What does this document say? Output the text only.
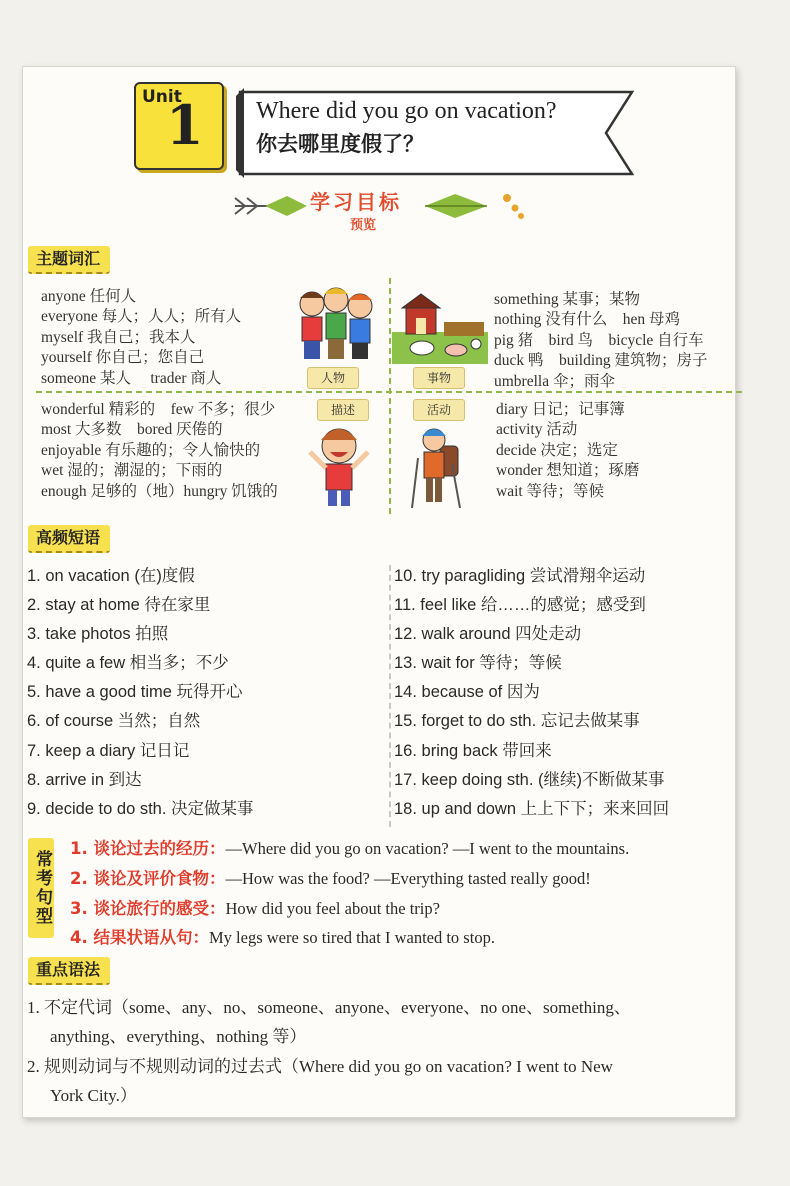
Unit
1 Where did you go on vacation?
你去哪里度假了？
学习目标
预览
主题词汇
anyone 任何人
everyone 每人；人人；所有人
myself 我自己；我本人
yourself 你自己；您自己
someone 某人　 trader 商人
something 某事；某物
nothing 没有什么　hen 母鸡
pig 猪　bird 鸟　bicycle 自行车
duck 鸭　building 建筑物；房子
umbrella 伞；雨伞
wonderful 精彩的　few 不多；很少
most 大多数　bored 厌倦的
enjoyable 有乐趣的；令人愉快的
wet 湿的；潮湿的；下雨的
enough 足够的（地）hungry 饥饿的
diary 日记；记事簿
activity 活动
decide 决定；选定
wonder 想知道；琢磨
wait 等待；等候
人物	事物
描述	活动
高频短语
1. on vacation (在)度假
2. stay at home 待在家里
3. take photos 拍照
4. quite a few 相当多；不少
5. have a good time 玩得开心
6. of course 当然；自然
7. keep a diary 记日记
8. arrive in 到达
9. decide to do sth. 决定做某事
10. try paragliding 尝试滑翔伞运动
11. feel like 给……的感觉；感受到
12. walk around 四处走动
13. wait for 等待；等候
14. because of 因为
15. forget to do sth. 忘记去做某事
16. bring back 带回来
17. keep doing sth. (继续)不断做某事
18. up and down 上上下下；来来回回
常考句型
1. 谈论过去的经历：—Where did you go on vacation? —I went to the mountains.
2. 谈论及评价食物：—How was the food? —Everything tasted really good!
3. 谈论旅行的感受：How did you feel about the trip?
4. 结果状语从句：My legs were so tired that I wanted to stop.
重点语法
1. 不定代词（some、any、no、someone、anyone、everyone、no one、something、
anything、everything、nothing 等）
2. 规则动词与不规则动词的过去式（Where did you go on vacation? I went to New
York City.）
